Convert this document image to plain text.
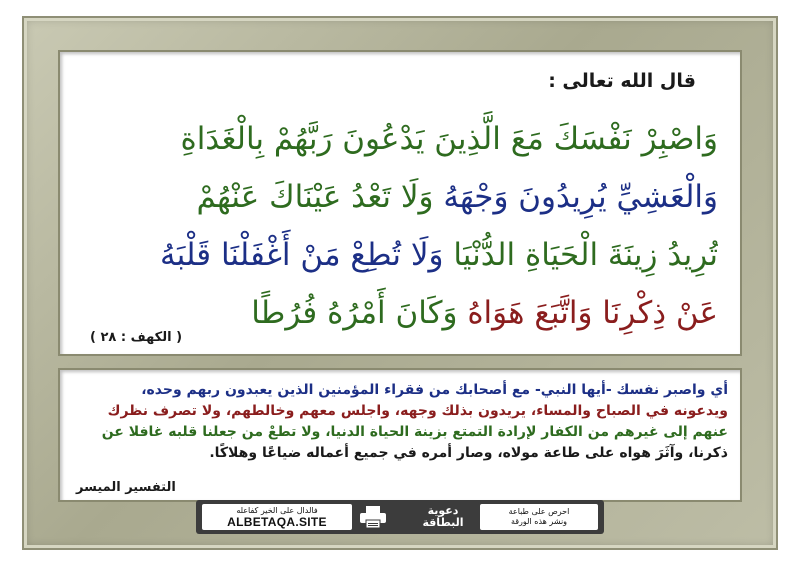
قال الله تعالى :
وَاصْبِرْ نَفْسَكَ مَعَ الَّذِينَ يَدْعُونَ رَبَّهُمْ بِالْغَدَاةِ
وَالْعَشِيِّ يُرِيدُونَ وَجْهَهُ وَلَا تَعْدُ عَيْنَاكَ عَنْهُمْ
تُرِيدُ زِينَةَ الْحَيَاةِ الدُّنْيَا وَلَا تُطِعْ مَنْ أَغْفَلْنَا قَلْبَهُ
عَنْ ذِكْرِنَا وَاتَّبَعَ هَوَاهُ وَكَانَ أَمْرُهُ فُرُطًا
( الكهف : ٢٨ )
أي واصبر نفسك -أيها النبي- مع أصحابك من فقراء المؤمنين الذين يعبدون ربهم وحده،
ويدعونه في الصباح والمساء، يريدون بذلك وجهه، واجلس معهم وخالطهم، ولا تصرف نظرك
عنهم إلى غيرهم من الكفار لإرادة التمتع بزينة الحياة الدنيا، ولا تطعْ من جعلنا قلبه غافلا عن
ذكرنا، وآثَرَ هواه على طاعة مولاه، وصار أمره في جميع أعماله ضياعًا وهلاكًا.
التفسير الميسر
فالدال على الخير كفاعله
ALBETAQA.SITE
دعوية
البطاقة
احرص على طباعة
ونشر هذه الورقة
